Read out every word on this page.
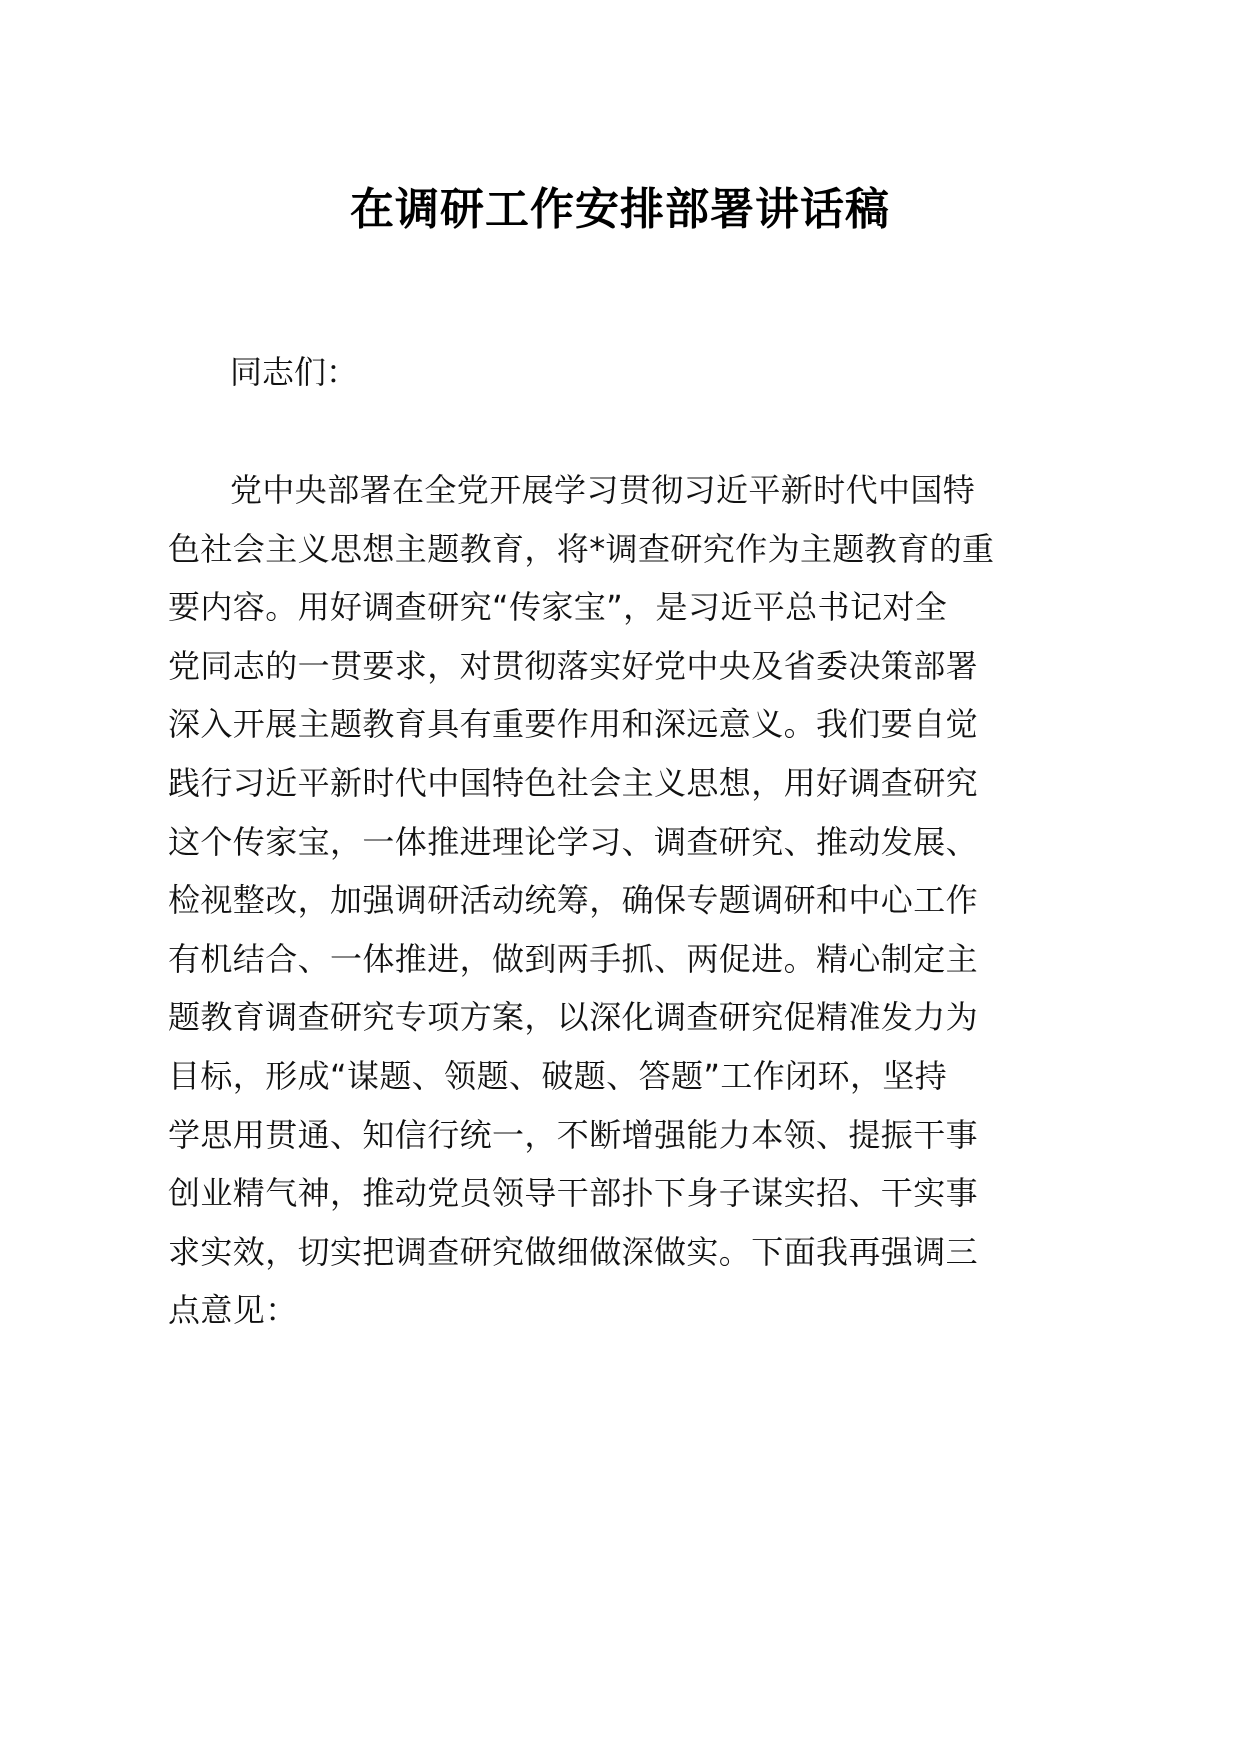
在调研工作安排部署讲话稿
同志们：
党中央部署在全党开展学习贯彻习近平新时代中国特
色社会主义思想主题教育，将*调查研究作为主题教育的重
要内容。用好调查研究“传家宝”，是习近平总书记对全
党同志的一贯要求，对贯彻落实好党中央及省委决策部署
深入开展主题教育具有重要作用和深远意义。我们要自觉
践行习近平新时代中国特色社会主义思想，用好调查研究
这个传家宝，一体推进理论学习、调查研究、推动发展、
检视整改，加强调研活动统筹，确保专题调研和中心工作
有机结合、一体推进，做到两手抓、两促进。精心制定主
题教育调查研究专项方案，以深化调查研究促精准发力为
目标，形成“谋题、领题、破题、答题”工作闭环，坚持
学思用贯通、知信行统一，不断增强能力本领、提振干事
创业精气神，推动党员领导干部扑下身子谋实招、干实事
求实效，切实把调查研究做细做深做实。下面我再强调三
点意见：
